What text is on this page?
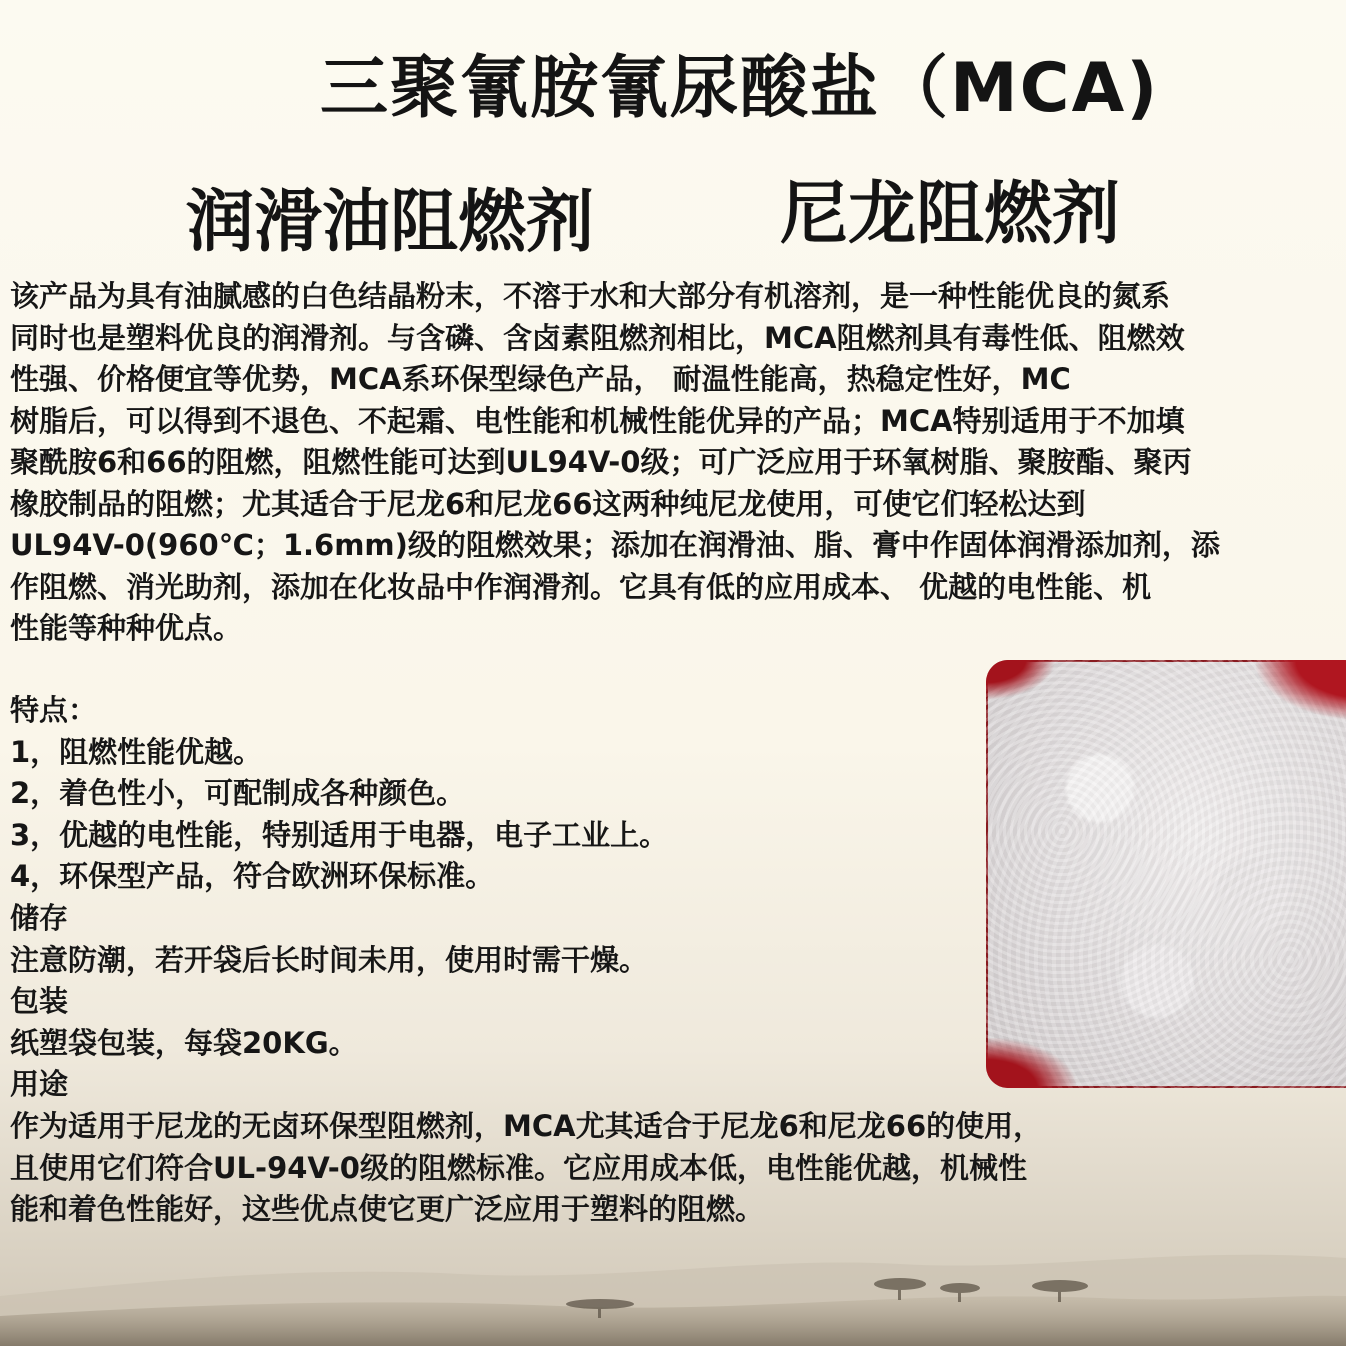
三聚氰胺氰尿酸盐（MCA)
润滑油阻燃剂	尼龙阻燃剂
该产品为具有油腻感的白色结晶粉末，不溶于水和大部分有机溶剂，是一种性能优良的氮系
同时也是塑料优良的润滑剂。与含磷、含卤素阻燃剂相比，MCA阻燃剂具有毒性低、阻燃效
性强、价格便宜等优势，MCA系环保型绿色产品， 耐温性能高，热稳定性好，MC
树脂后，可以得到不退色、不起霜、电性能和机械性能优异的产品；MCA特别适用于不加填
聚酰胺6和66的阻燃，阻燃性能可达到UL94V-0级；可广泛应用于环氧树脂、聚胺酯、聚丙
橡胶制品的阻燃；尤其适合于尼龙6和尼龙66这两种纯尼龙使用，可使它们轻松达到
UL94V-0(960℃；1.6mm)级的阻燃效果；添加在润滑油、脂、膏中作固体润滑添加剂，添
作阻燃、消光助剂，添加在化妆品中作润滑剂。它具有低的应用成本、 优越的电性能、机
性能等种种优点。
特点：
1，阻燃性能优越。
2，着色性小，可配制成各种颜色。
3，优越的电性能，特别适用于电器，电子工业上。
4，环保型产品，符合欧洲环保标准。
储存
注意防潮，若开袋后长时间未用，使用时需干燥。
包装
纸塑袋包装，每袋20KG。
用途
作为适用于尼龙的无卤环保型阻燃剂，MCA尤其适合于尼龙6和尼龙66的使用，
且使用它们符合UL-94V-0级的阻燃标准。它应用成本低，电性能优越，机械性
能和着色性能好，这些优点使它更广泛应用于塑料的阻燃。
